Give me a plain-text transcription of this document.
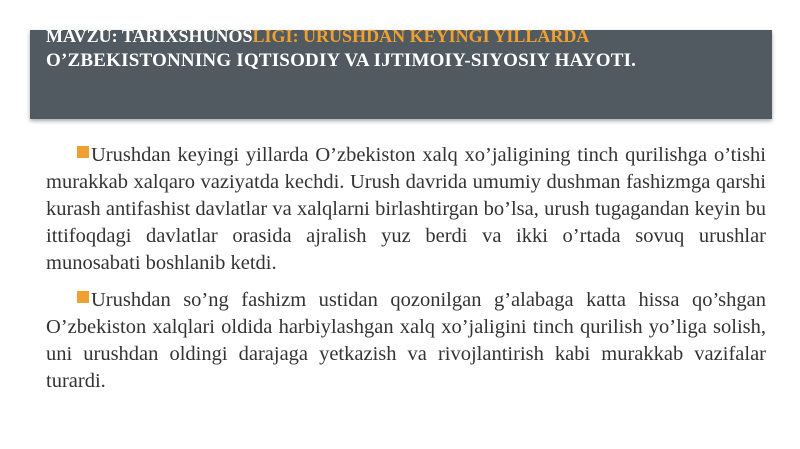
MAVZU: TARIXSHUNOSLIGI: URUSHDAN KEYINGI YILLARDA
O’ZBEKISTONNING IQTISODIY VA IJTIMOIY-SIYOSIY HAYOTI.

Urushdan keyingi yillarda O’zbekiston xalq xo’jaligining tinch qurilishga o’tishi murakkab xalqaro vaziyatda kechdi. Urush davrida umumiy dushman fashizmga qarshi kurash antifashist davlatlar va xalqlarni birlashtirgan bo’lsa, urush tugagandan keyin bu ittifoqdagi davlatlar orasida ajralish yuz berdi va ikki o’rtada sovuq urushlar munosabati boshlanib ketdi.

Urushdan so’ng fashizm ustidan qozonilgan g’alabaga katta hissa qo’shgan O’zbekiston xalqlari oldida harbiylashgan xalq xo’jaligini tinch qurilish yo’liga solish, uni urushdan oldingi darajaga yetkazish va rivojlantirish kabi murakkab vazifalar turardi.
